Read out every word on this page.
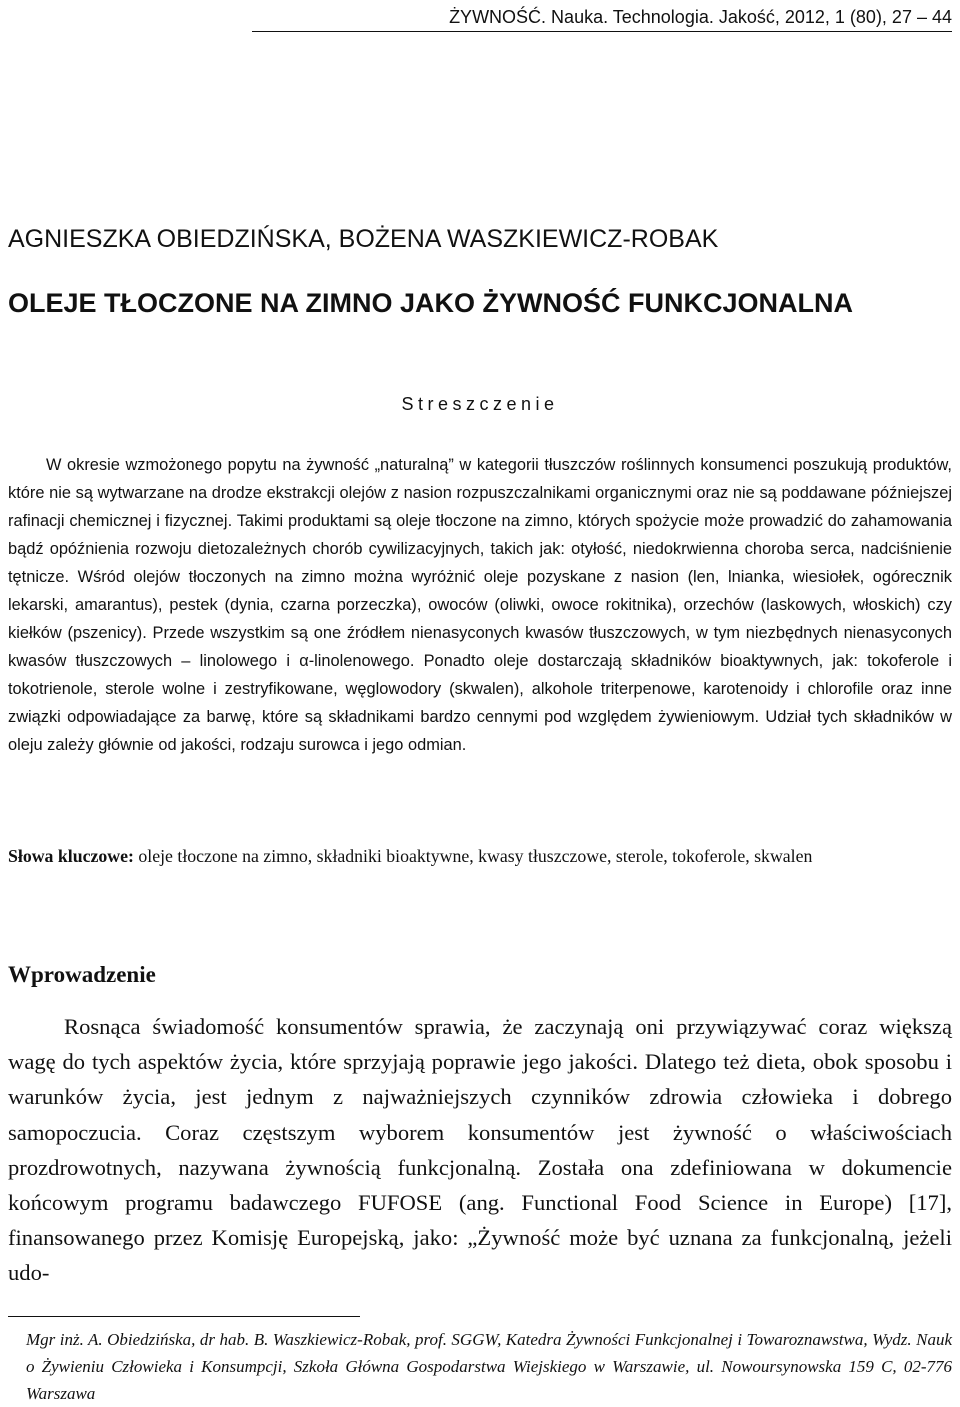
ŻYWNOŚĆ. Nauka. Technologia. Jakość, 2012, 1 (80), 27 – 44
AGNIESZKA OBIEDZIŃSKA, BOŻENA WASZKIEWICZ-ROBAK
OLEJE TŁOCZONE NA ZIMNO JAKO ŻYWNOŚĆ FUNKCJONALNA
Streszczenie

W okresie wzmożonego popytu na żywność „naturalną” w kategorii tłuszczów roślinnych konsumenci poszukują produktów, które nie są wytwarzane na drodze ekstrakcji olejów z nasion rozpuszczalnikami organicznymi oraz nie są poddawane późniejszej rafinacji chemicznej i fizycznej. Takimi produktami są oleje tłoczone na zimno, których spożycie może prowadzić do zahamowania bądź opóźnienia rozwoju dietozależnych chorób cywilizacyjnych, takich jak: otyłość, niedokrwienna choroba serca, nadciśnienie tętnicze. Wśród olejów tłoczonych na zimno można wyróżnić oleje pozyskane z nasion (len, lnianka, wiesiołek, ogórecznik lekarski, amarantus), pestek (dynia, czarna porzeczka), owoców (oliwki, owoce rokitnika), orzechów (laskowych, włoskich) czy kiełków (pszenicy). Przede wszystkim są one źródłem nienasyconych kwasów tłuszczowych, w tym niezbędnych nienasyconych kwasów tłuszczowych – linolowego i α-linolenowego. Ponadto oleje dostarczają składników bioaktywnych, jak: tokoferole i tokotrienole, sterole wolne i zestryfikowane, węglowodory (skwalen), alkohole triterpenowe, karotenoidy i chlorofile oraz inne związki odpowiadające za barwę, które są składnikami bardzo cennymi pod względem żywieniowym. Udział tych składników w oleju zależy głównie od jakości, rodzaju surowca i jego odmian.

Słowa kluczowe: oleje tłoczone na zimno, składniki bioaktywne, kwasy tłuszczowe, sterole, tokoferole, skwalen

Wprowadzenie

Rosnąca świadomość konsumentów sprawia, że zaczynają oni przywiązywać coraz większą wagę do tych aspektów życia, które sprzyjają poprawie jego jakości. Dlatego też dieta, obok sposobu i warunków życia, jest jednym z najważniejszych czynników zdrowia człowieka i dobrego samopoczucia. Coraz częstszym wyborem konsumentów jest żywność o właściwościach prozdrowotnych, nazywana żywnością funkcjonalną. Została ona zdefiniowana w dokumencie końcowym programu badawczego FUFOSE (ang. Functional Food Science in Europe) [17], finansowanego przez Komisję Europejską, jako: „Żywność może być uznana za funkcjonalną, jeżeli udo-

Mgr inż. A. Obiedzińska, dr hab. B. Waszkiewicz-Robak, prof. SGGW, Katedra Żywności Funkcjonalnej i Towaroznawstwa, Wydz. Nauk o Żywieniu Człowieka i Konsumpcji, Szkoła Główna Gospodarstwa Wiejskiego w Warszawie, ul. Nowoursynowska 159 C, 02-776 Warszawa
